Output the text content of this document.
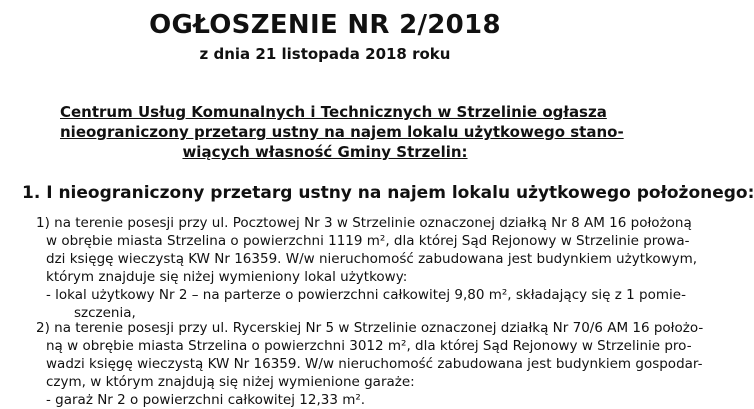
OGŁOSZENIE NR 2/2018
z dnia 21 listopada 2018 roku
Centrum Usług Komunalnych i Technicznych w Strzelinie ogłasza
nieograniczony przetarg ustny na najem lokalu użytkowego stano-
wiących własność Gminy Strzelin:
1. I nieograniczony przetarg ustny na najem lokalu użytkowego położonego:
1) na terenie posesji przy ul. Pocztowej Nr 3 w Strzelinie oznaczonej działką Nr 8 AM 16 położoną
w obrębie miasta Strzelina o powierzchni 1119 m², dla której Sąd Rejonowy w Strzelinie prowa-
dzi księgę wieczystą KW Nr 16359. W/w nieruchomość zabudowana jest budynkiem użytkowym,
którym znajduje się niżej wymieniony lokal użytkowy:
- lokal użytkowy Nr 2 – na parterze o powierzchni całkowitej 9,80 m², składający się z 1 pomie-
szczenia,
2) na terenie posesji przy ul. Rycerskiej Nr 5 w Strzelinie oznaczonej działką Nr 70/6 AM 16 położo-
ną w obrębie miasta Strzelina o powierzchni 3012 m², dla której Sąd Rejonowy w Strzelinie pro-
wadzi księgę wieczystą KW Nr 16359. W/w nieruchomość zabudowana jest budynkiem gospodar-
czym, w którym znajdują się niżej wymienione garaże:
- garaż Nr 2 o powierzchni całkowitej 12,33 m².
